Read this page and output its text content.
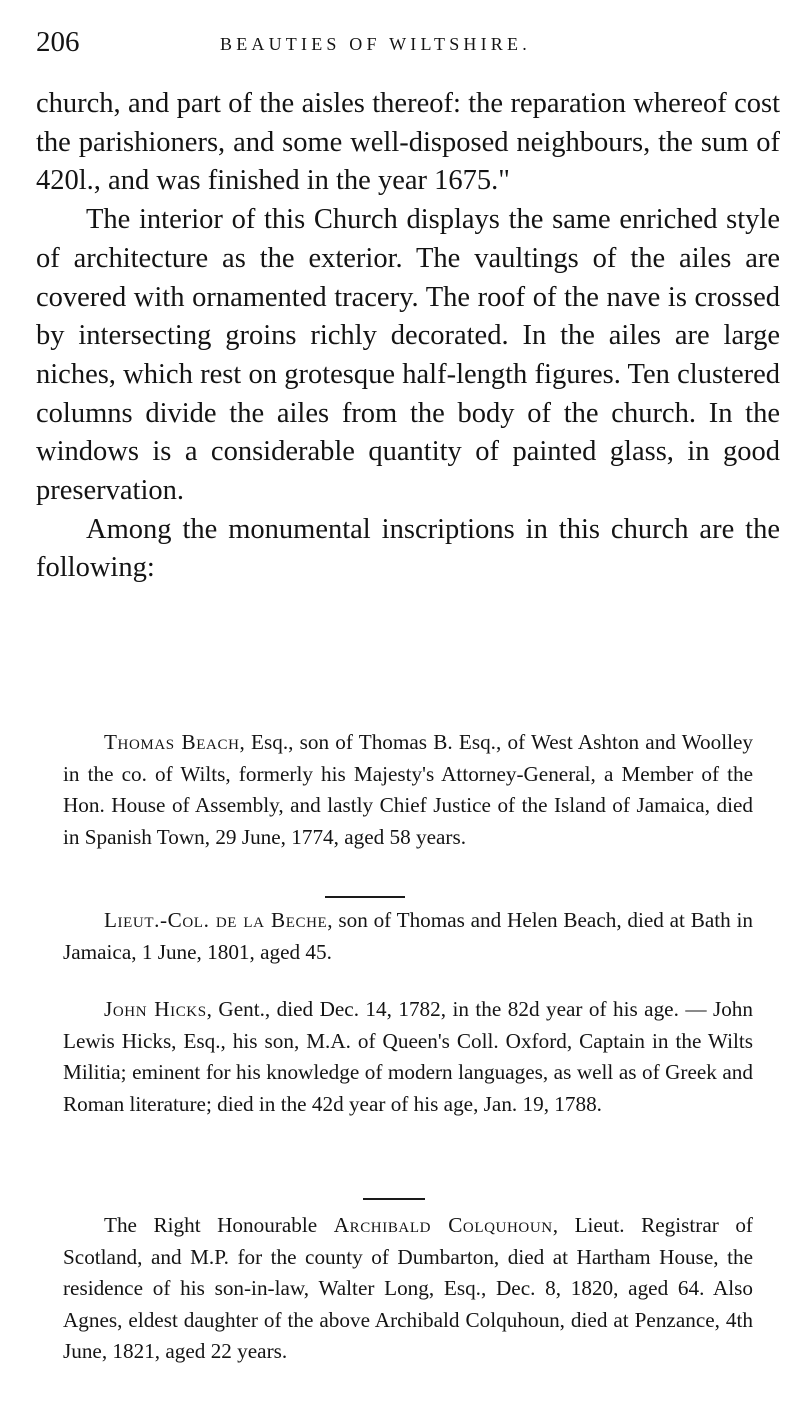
206	BEAUTIES OF WILTSHIRE.

church, and part of the aisles thereof: the reparation whereof cost the parishioners, and some well-disposed neighbours, the sum of 420l., and was finished in the year 1675."

The interior of this Church displays the same enriched style of architecture as the exterior. The vaultings of the ailes are covered with ornamented tracery. The roof of the nave is crossed by intersecting groins richly decorated. In the ailes are large niches, which rest on grotesque half-length figures. Ten clustered columns divide the ailes from the body of the church. In the windows is a considerable quantity of painted glass, in good preservation.

Among the monumental inscriptions in this church are the following:

Thomas Beach, Esq., son of Thomas B. Esq., of West Ashton and Woolley in the co. of Wilts, formerly his Majesty's Attorney-General, a Member of the Hon. House of Assembly, and lastly Chief Justice of the Island of Jamaica, died in Spanish Town, 29 June, 1774, aged 58 years.

Lieut.-Col. de la Beche, son of Thomas and Helen Beach, died at Bath in Jamaica, 1 June, 1801, aged 45.

John Hicks, Gent., died Dec. 14, 1782, in the 82d year of his age. — John Lewis Hicks, Esq., his son, M.A. of Queen's Coll. Oxford, Captain in the Wilts Militia; eminent for his knowledge of modern languages, as well as of Greek and Roman literature; died in the 42d year of his age, Jan. 19, 1788.

The Right Honourable Archibald Colquhoun, Lieut. Registrar of Scotland, and M.P. for the county of Dumbarton, died at Hartham House, the residence of his son-in-law, Walter Long, Esq., Dec. 8, 1820, aged 64. Also Agnes, eldest daughter of the above Archibald Colquhoun, died at Penzance, 4th June, 1821, aged 22 years.
